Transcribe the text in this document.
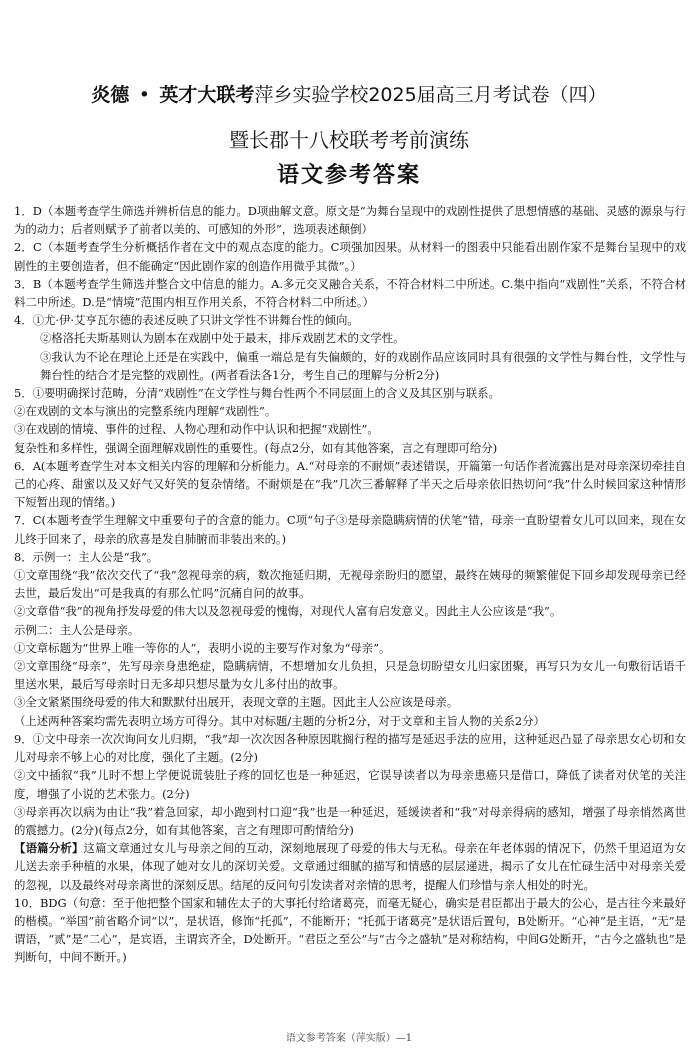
炎德 • 英才大联考萍乡实验学校2025届高三月考试卷（四）
暨长郡十八校联考考前演练
语文参考答案

1．D（本题考查学生筛选并辨析信息的能力。D项曲解文意。原文是“为舞台呈现中的戏剧性提供了思想情感的基础、灵感的源泉与行为的动力；后者则赋予了前者以美的、可感知的外形”，选项表述颠倒）

2．C（本题考查学生分析概括作者在文中的观点态度的能力。C项强加因果。从材料一的图表中只能看出剧作家不是舞台呈现中的戏剧性的主要创造者，但不能确定“因此剧作家的创造作用微乎其微”。）

3．B（本题考查学生筛选并整合文中信息的能力。A.多元交叉融合关系，不符合材料二中所述。C.集中指向“戏剧性”关系，不符合材料二中所述。D.是“情境”范围内相互作用关系，不符合材料二中所述。）

4．①尤·伊·艾亨瓦尔德的表述反映了只讲文学性不讲舞台性的倾向。

②格洛托夫斯基则认为剧本在戏剧中处于最末，排斥戏剧艺术的文学性。

③我认为不论在理论上还是在实践中，偏重一端总是有失偏颇的，好的戏剧作品应该同时具有很强的文学性与舞台性，文学性与舞台性的结合才是完整的戏剧性。(两者看法各1分，考生自己的理解与分析2分)

5．①要明确探讨范畴，分清“戏剧性”在文学性与舞台性两个不同层面上的含义及其区别与联系。

②在戏剧的文本与演出的完整系统内理解“戏剧性”。

③在戏剧的情境、事件的过程、人物心理和动作中认识和把握“戏剧性”。

复杂性和多样性，强调全面理解戏剧性的重要性。(每点2分，如有其他答案，言之有理即可给分)

6．A(本题考查学生对本文相关内容的理解和分析能力。A.“对母亲的不耐烦”表述错误，开篇第一句话作者流露出是对母亲深切牵挂自己的心疼、甜蜜以及又好气又好笑的复杂情绪。不耐烦是在“我”几次三番解释了半天之后母亲依旧热切问“我”什么时候回家这种情形下短暂出现的情绪。)

7．C(本题考查学生理解文中重要句子的含意的能力。C项“句子③是母亲隐瞒病情的伏笔”错，母亲一直盼望着女儿可以回来，现在女儿终于回来了，母亲的欣喜是发自肺腑而非装出来的。)

8．示例一：主人公是“我”。

①文章围绕“我”依次交代了“我”忽视母亲的病，数次拖延归期，无视母亲盼归的愿望，最终在姨母的频繁催促下回乡却发现母亲已经去世，最后发出“可是我真的有那么忙吗”沉痛自问的故事。

②文章借“我”的视角抒发母爱的伟大以及忽视母爱的愧悔，对现代人富有启发意义。因此主人公应该是“我”。

示例二：主人公是母亲。

①文章标题为“世界上唯一等你的人”，表明小说的主要写作对象为“母亲”。

②文章围绕“母亲”，先写母亲身患绝症，隐瞒病情，不想增加女儿负担，只是急切盼望女儿归家团聚，再写只为女儿一句敷衍话语千里送水果，最后写母亲时日无多却只想尽量为女儿多付出的故事。

③全文紧紧围绕母爱的伟大和默默付出展开，表现文章的主题。因此主人公应该是母亲。

（上述两种答案均需先表明立场方可得分。其中对标题/主题的分析2分，对于文章和主旨人物的关系2分）

9．①文中母亲一次次询问女儿归期，“我”却一次次因各种原因耽搁行程的描写是延迟手法的应用，这种延迟凸显了母亲思女心切和女儿对母亲不够上心的对比度，强化了主题。(2分)

②文中插叙“我”儿时不想上学便说谎装肚子疼的回忆也是一种延迟，它误导读者以为母亲患癌只是借口，降低了读者对伏笔的关注度，增强了小说的艺术张力。(2分)

③母亲再次以病为由让“我”着急回家，却小跑到村口迎“我”也是一种延迟，延缓读者和“我”对母亲得病的感知，增强了母亲悄然离世的震撼力。(2分)(每点2分，如有其他答案，言之有理即可酌情给分)

【语篇分析】这篇文章通过女儿与母亲之间的互动，深刻地展现了母爱的伟大与无私。母亲在年老体弱的情况下，仍然千里迢迢为女儿送去亲手种植的水果，体现了她对女儿的深切关爱。文章通过细腻的描写和情感的层层递进，揭示了女儿在忙碌生活中对母亲关爱的忽视，以及最终对母亲离世的深刻反思。结尾的反问句引发读者对亲情的思考，提醒人们珍惜与亲人相处的时光。

10．BDG（句意：至于他把整个国家和辅佐太子的大事托付给诸葛亮，而毫无疑心，确实是君臣都出于最大的公心，是古往今来最好的楷模。“举国”前省略介词“以”，是状语，修饰“托孤”，不能断开；“托孤于诸葛亮”是状语后置句，B处断开。“心神”是主语，“无”是谓语，“贰”是“二心”，是宾语，主谓宾齐全，D处断开。“君臣之至公”与“古今之盛轨”是对称结构，中间G处断开，“古今之盛轨也”是判断句，中间不断开。)

语文参考答案（萍实版）—1
